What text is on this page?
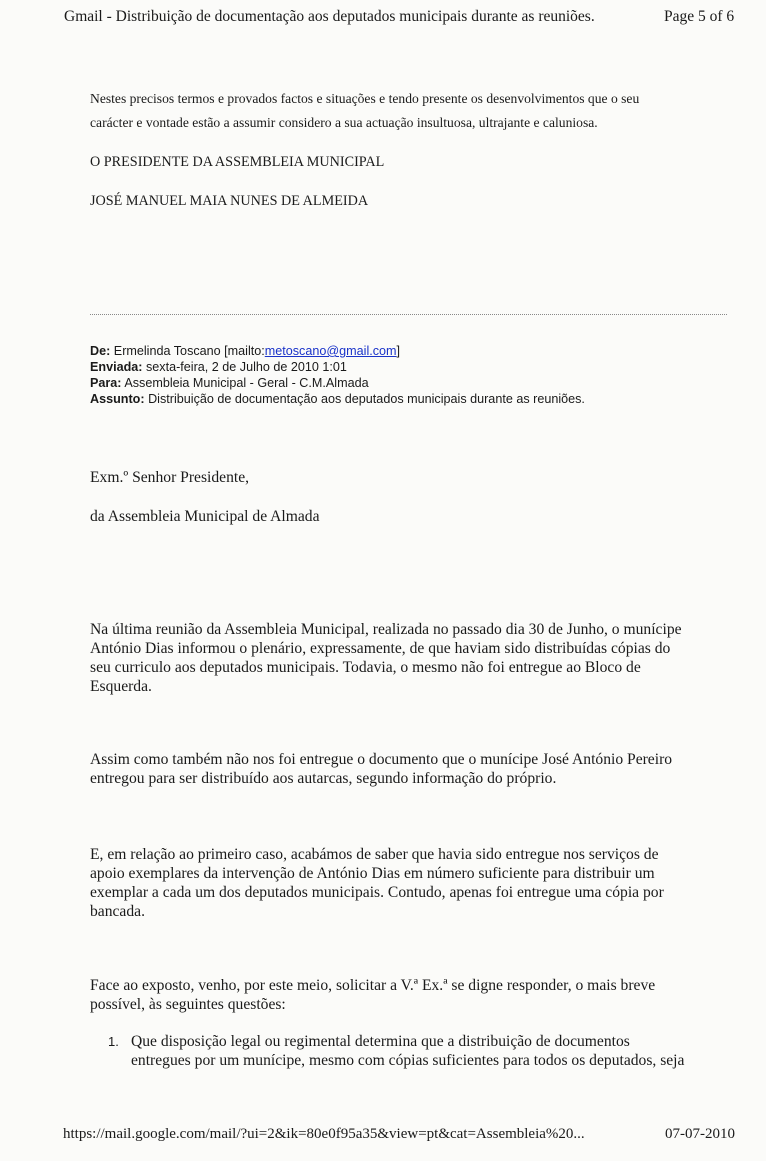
Gmail - Distribuição de documentação aos deputados municipais durante as reuniões.	Page 5 of 6
Nestes precisos termos e provados factos e situações e tendo presente os desenvolvimentos que o seu
carácter e vontade estão a assumir considero a sua actuação insultuosa, ultrajante e caluniosa.
O PRESIDENTE DA ASSEMBLEIA MUNICIPAL
JOSÉ MANUEL MAIA NUNES DE ALMEIDA
De: Ermelinda Toscano [mailto:metoscano@gmail.com]
Enviada: sexta-feira, 2 de Julho de 2010 1:01
Para: Assembleia Municipal - Geral - C.M.Almada
Assunto: Distribuição de documentação aos deputados municipais durante as reuniões.
Exm.º Senhor Presidente,
da Assembleia Municipal de Almada
Na última reunião da Assembleia Municipal, realizada no passado dia 30 de Junho, o munícipe
António Dias informou o plenário, expressamente, de que haviam sido distribuídas cópias do
seu curriculo aos deputados municipais. Todavia, o mesmo não foi entregue ao Bloco de
Esquerda.
Assim como também não nos foi entregue o documento que o munícipe José António Pereiro
entregou para ser distribuído aos autarcas, segundo informação do próprio.
E, em relação ao primeiro caso, acabámos de saber que havia sido entregue nos serviços de
apoio exemplares da intervenção de António Dias em número suficiente para distribuir um
exemplar a cada um dos deputados municipais. Contudo, apenas foi entregue uma cópia por
bancada.
Face ao exposto, venho, por este meio, solicitar a V.ª Ex.ª se digne responder, o mais breve
possível, às seguintes questões:
1. Que disposição legal ou regimental determina que a distribuição de documentos
entregues por um munícipe, mesmo com cópias suficientes para todos os deputados, seja
https://mail.google.com/mail/?ui=2&ik=80e0f95a35&view=pt&cat=Assembleia%20...	07-07-2010
